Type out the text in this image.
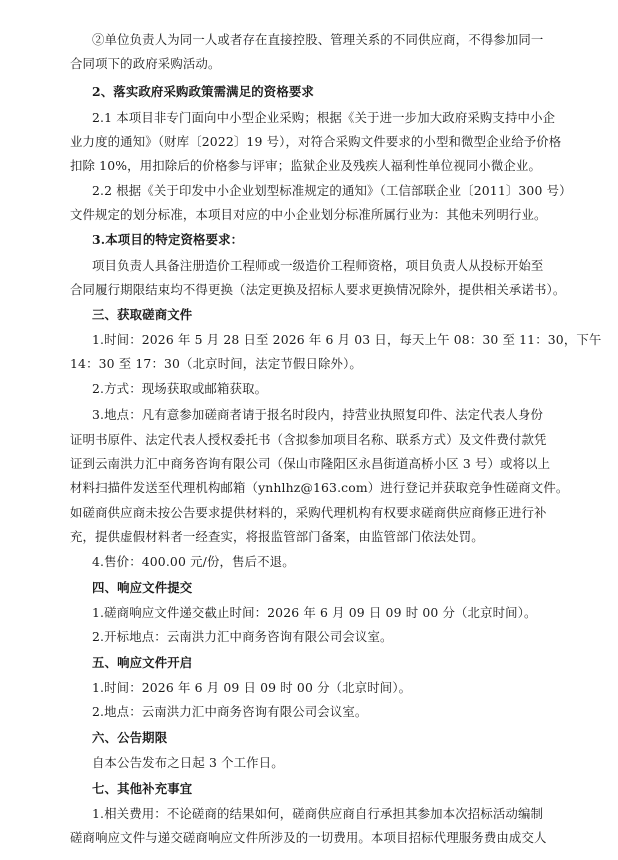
②单位负责人为同一人或者存在直接控股、管理关系的不同供应商，不得参加同一
合同项下的政府采购活动。
2、落实政府采购政策需满足的资格要求
2.1 本项目非专门面向中小型企业采购；根据《关于进一步加大政府采购支持中小企
业力度的通知》（财库〔2022〕19 号），对符合采购文件要求的小型和微型企业给予价格
扣除 10%，用扣除后的价格参与评审；监狱企业及残疾人福利性单位视同小微企业。
2.2 根据《关于印发中小企业划型标准规定的通知》（工信部联企业〔2011〕300 号）
文件规定的划分标准，本项目对应的中小企业划分标准所属行业为：其他未列明行业。
3.本项目的特定资格要求：
项目负责人具备注册造价工程师或一级造价工程师资格，项目负责人从投标开始至
合同履行期限结束均不得更换（法定更换及招标人要求更换情况除外，提供相关承诺书）。
三、获取磋商文件
1.时间：2026 年 5 月 28 日至 2026 年 6 月 03 日，每天上午 08：30 至 11：30，下午
14：30 至 17：30（北京时间，法定节假日除外）。
2.方式：现场获取或邮箱获取。
3.地点：凡有意参加磋商者请于报名时段内，持营业执照复印件、法定代表人身份
证明书原件、法定代表人授权委托书（含拟参加项目名称、联系方式）及文件费付款凭
证到云南洪力汇中商务咨询有限公司（保山市隆阳区永昌街道高桥小区 3 号）或将以上
材料扫描件发送至代理机构邮箱（ynhlhz@163.com）进行登记并获取竞争性磋商文件。
如磋商供应商未按公告要求提供材料的，采购代理机构有权要求磋商供应商修正进行补
充，提供虚假材料者一经查实，将报监管部门备案，由监管部门依法处罚。
4.售价：400.00 元/份，售后不退。
四、响应文件提交
1.磋商响应文件递交截止时间：2026 年 6 月 09 日 09 时 00 分（北京时间）。
2.开标地点：云南洪力汇中商务咨询有限公司会议室。
五、响应文件开启
1.时间：2026 年 6 月 09 日 09 时 00 分（北京时间）。
2.地点：云南洪力汇中商务咨询有限公司会议室。
六、公告期限
自本公告发布之日起 3 个工作日。
七、其他补充事宜
1.相关费用：不论磋商的结果如何，磋商供应商自行承担其参加本次招标活动编制
磋商响应文件与递交磋商响应文件所涉及的一切费用。本项目招标代理服务费由成交人
